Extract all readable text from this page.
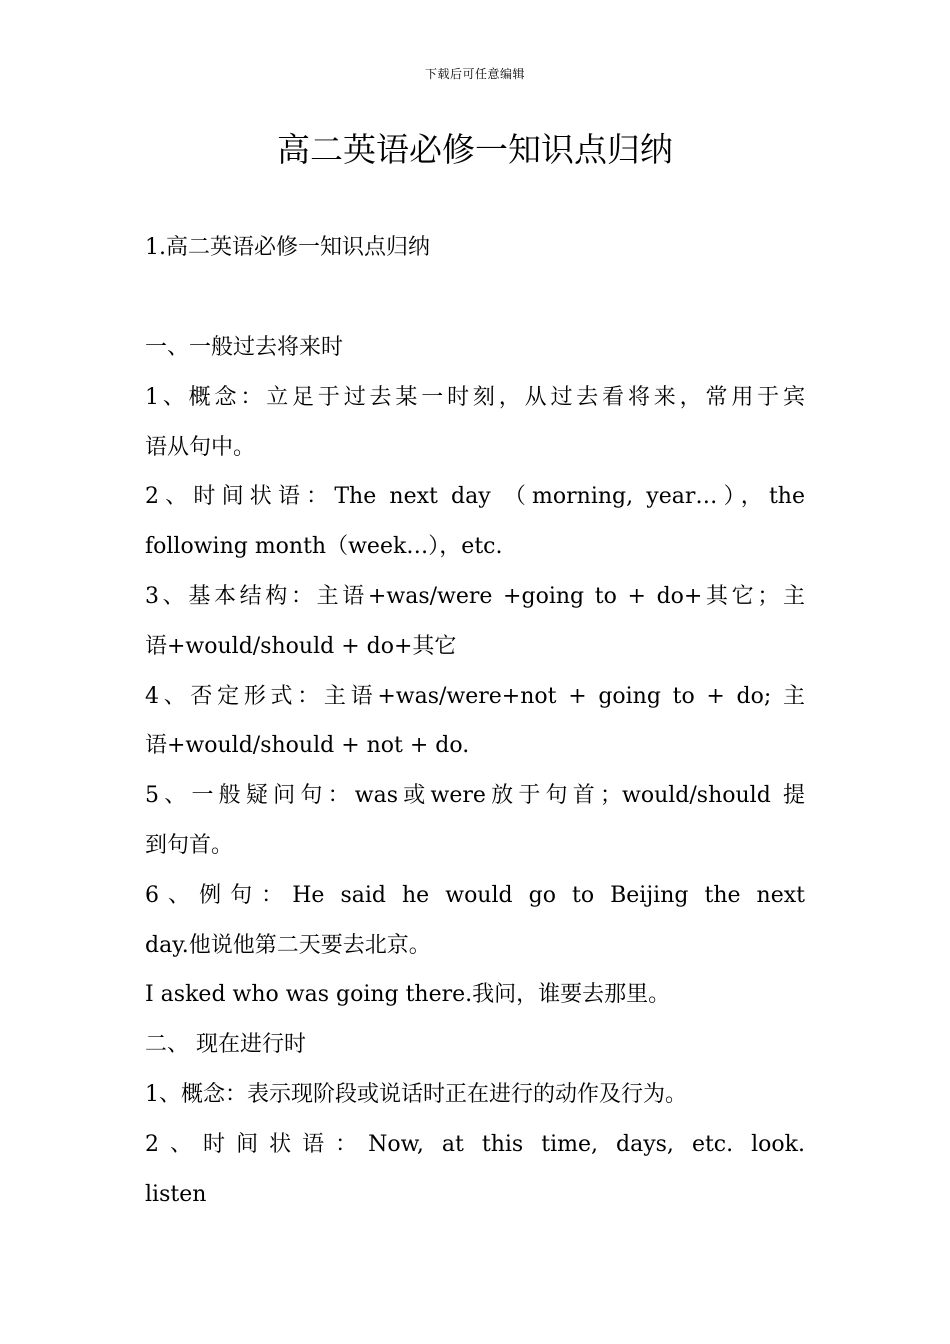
下载后可任意编辑
高二英语必修一知识点归纳
1.高二英语必修一知识点归纳
一、一般过去将来时
1、概念：立足于过去某一时刻，从过去看将来，常用于宾
语从句中。
2、时间状语：The next day （morning, year…），the
following month（week…），etc.
3、基本结构：主语+was/were +going to + do+其它；主
语+would/should + do+其它
4、否定形式：主语+was/were+not + going to + do; 主
语+would/should + not + do.
5、一般疑问句：was或were放于句首；would/should 提
到句首。
6、例句：He said he would go to Beijing the next
day.他说他第二天要去北京。
I asked who was going there.我问，谁要去那里。
二、 现在进行时
1、概念：表示现阶段或说话时正在进行的动作及行为。
2、时间状语：Now, at this time, days, etc. look.
listen
